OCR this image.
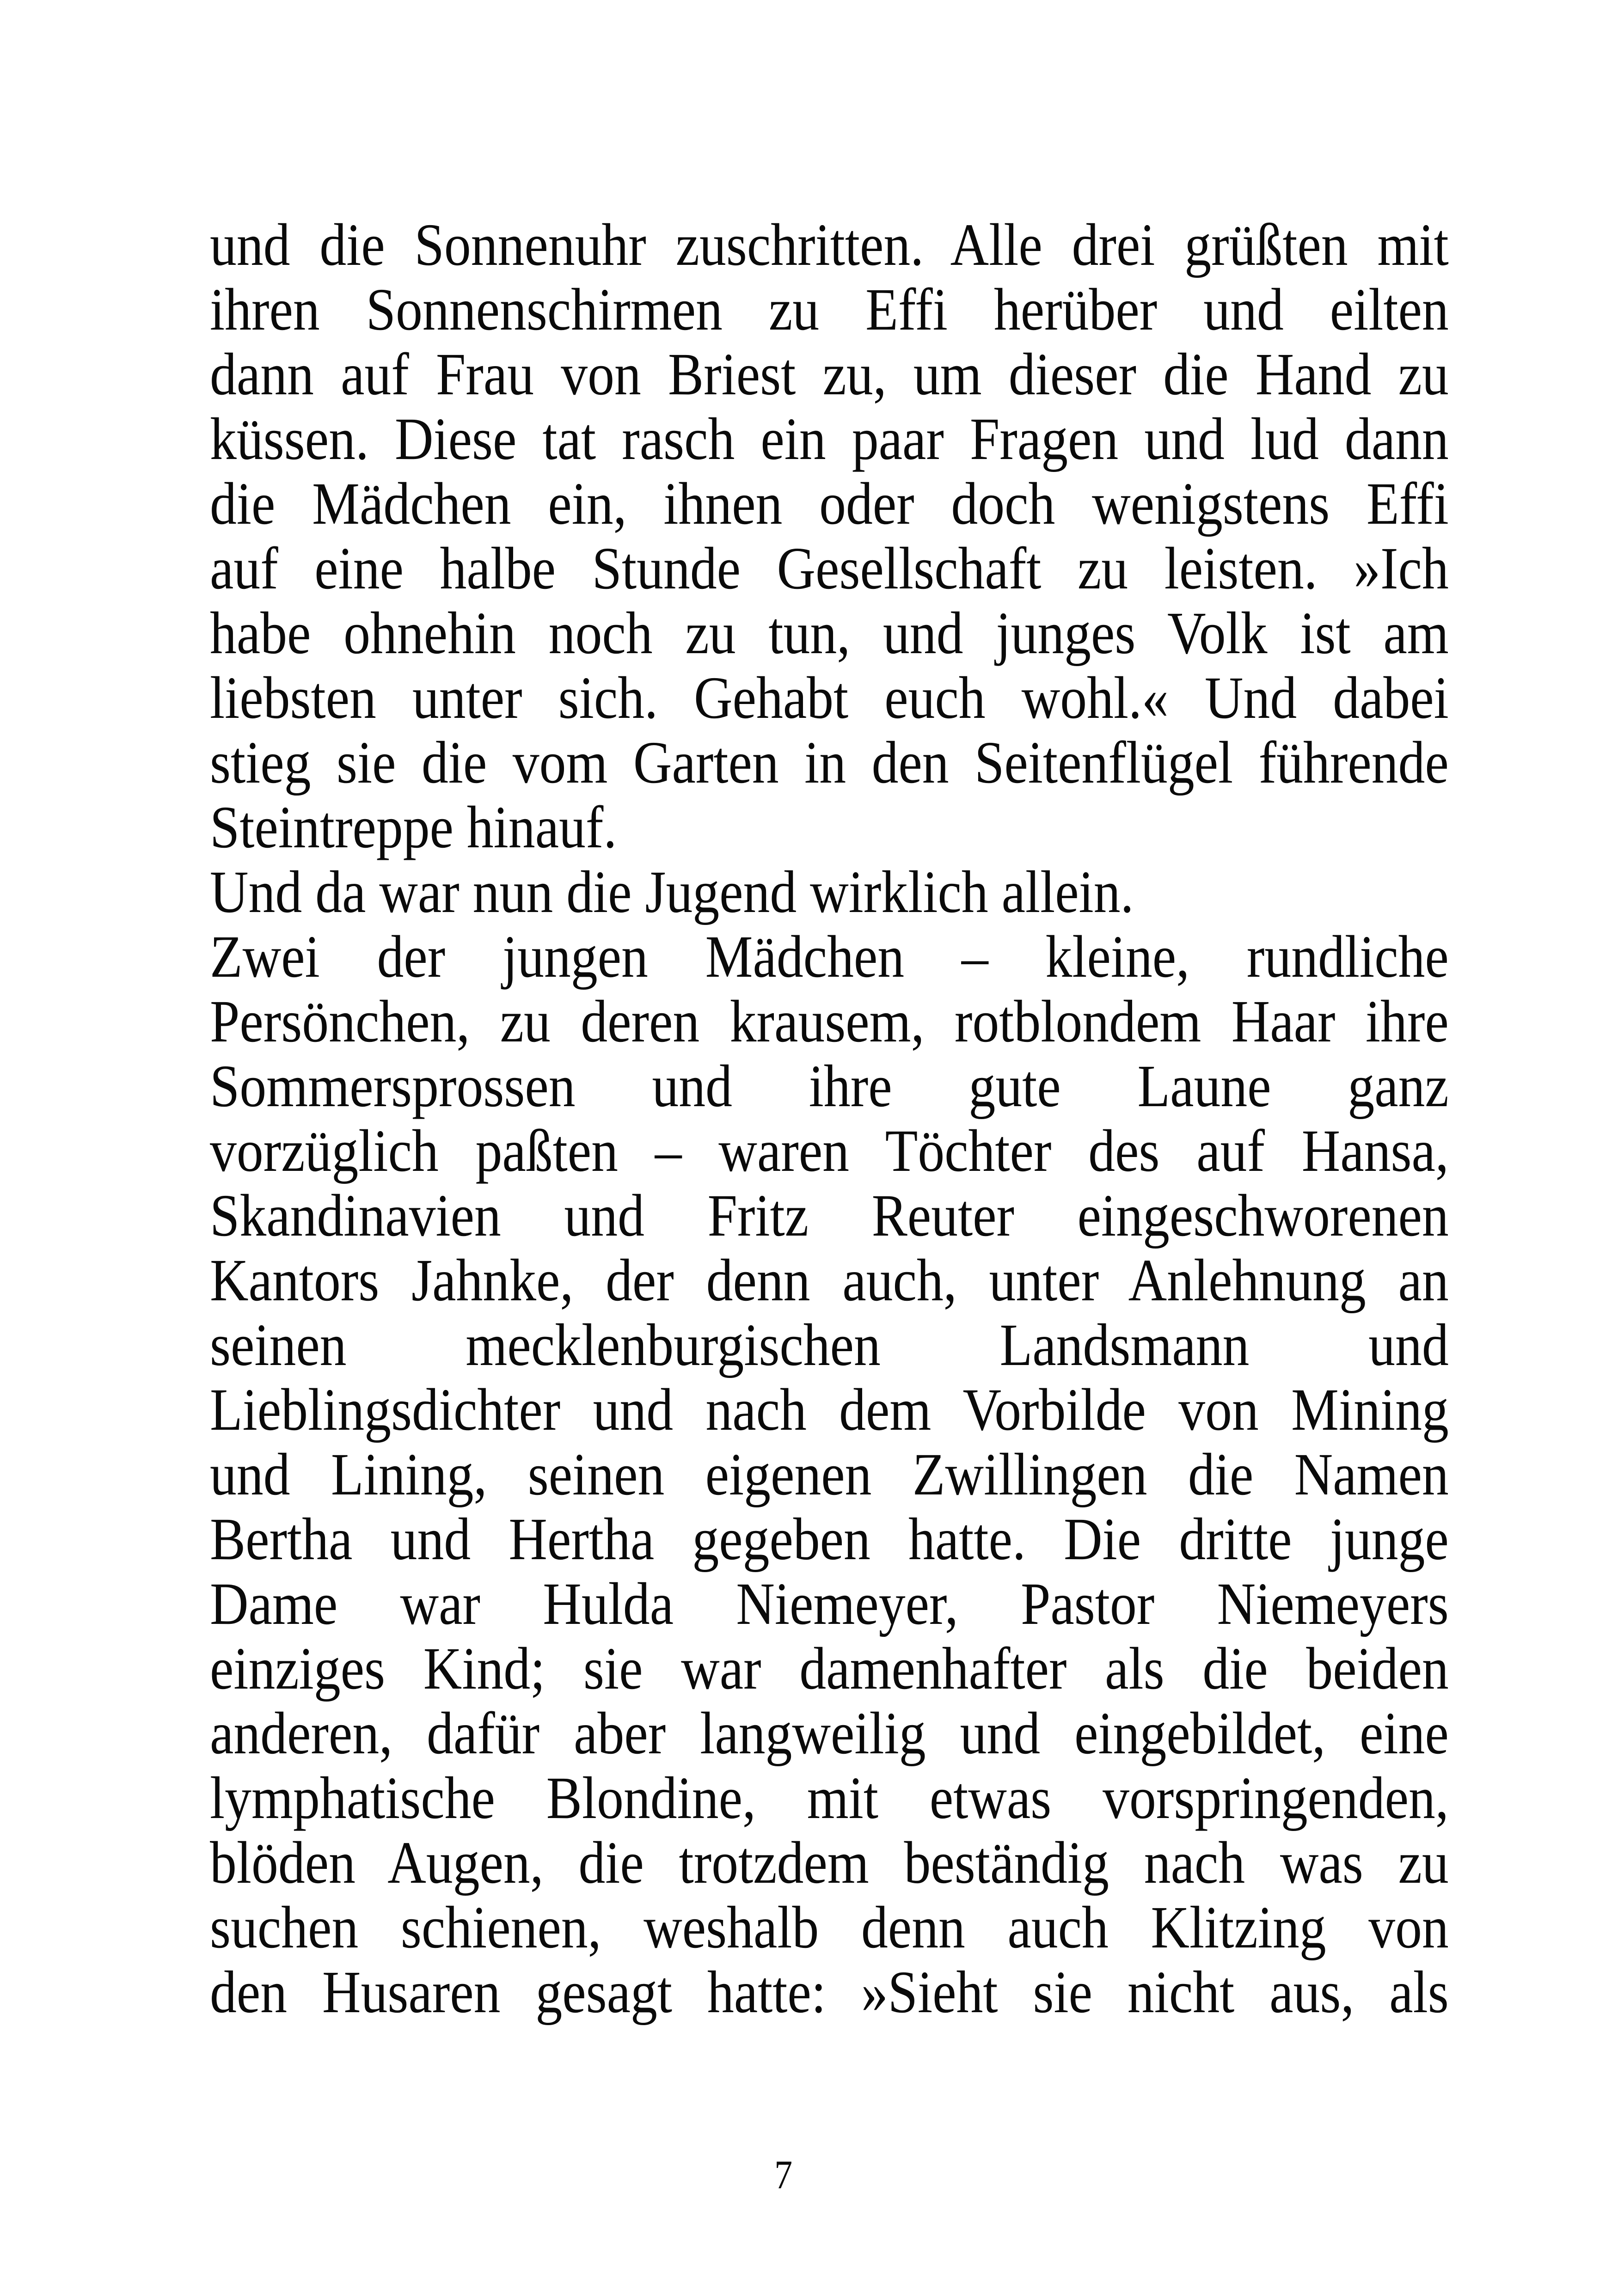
und die Sonnenuhr zuschritten. Alle drei grüßten mit
ihren Sonnenschirmen zu Effi herüber und eilten
dann auf Frau von Briest zu, um dieser die Hand zu
küssen. Diese tat rasch ein paar Fragen und lud dann
die Mädchen ein, ihnen oder doch wenigstens Effi
auf eine halbe Stunde Gesellschaft zu leisten. »Ich
habe ohnehin noch zu tun, und junges Volk ist am
liebsten unter sich. Gehabt euch wohl.« Und dabei
stieg sie die vom Garten in den Seitenflügel führende
Steintreppe hinauf.
Und da war nun die Jugend wirklich allein.
Zwei der jungen Mädchen – kleine, rundliche
Persönchen, zu deren krausem, rotblondem Haar ihre
Sommersprossen und ihre gute Laune ganz
vorzüglich paßten – waren Töchter des auf Hansa,
Skandinavien und Fritz Reuter eingeschworenen
Kantors Jahnke, der denn auch, unter Anlehnung an
seinen mecklenburgischen Landsmann und
Lieblingsdichter und nach dem Vorbilde von Mining
und Lining, seinen eigenen Zwillingen die Namen
Bertha und Hertha gegeben hatte. Die dritte junge
Dame war Hulda Niemeyer, Pastor Niemeyers
einziges Kind; sie war damenhafter als die beiden
anderen, dafür aber langweilig und eingebildet, eine
lymphatische Blondine, mit etwas vorspringenden,
blöden Augen, die trotzdem beständig nach was zu
suchen schienen, weshalb denn auch Klitzing von
den Husaren gesagt hatte: »Sieht sie nicht aus, als
7
